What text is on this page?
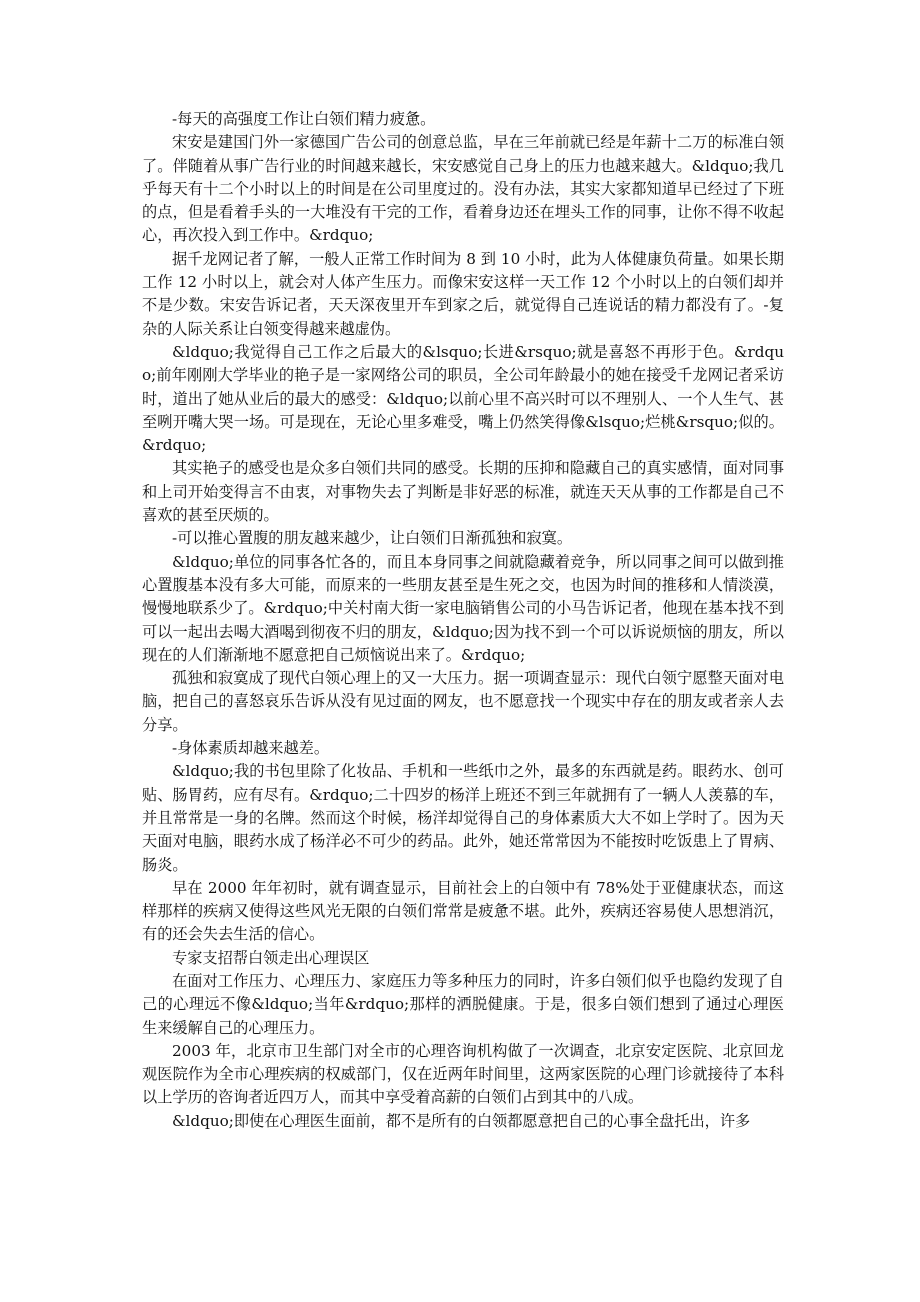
-每天的高强度工作让白领们精力疲惫。

宋安是建国门外一家德国广告公司的创意总监，早在三年前就已经是年薪十二万的标准白领了。伴随着从事广告行业的时间越来越长，宋安感觉自己身上的压力也越来越大。&ldquo;我几乎每天有十二个小时以上的时间是在公司里度过的。没有办法，其实大家都知道早已经过了下班的点，但是看着手头的一大堆没有干完的工作，看着身边还在埋头工作的同事，让你不得不收起心，再次投入到工作中。&rdquo;

据千龙网记者了解，一般人正常工作时间为 8 到 10 小时，此为人体健康负荷量。如果长期工作 12 小时以上，就会对人体产生压力。而像宋安这样一天工作 12 个小时以上的白领们却并不是少数。宋安告诉记者，天天深夜里开车到家之后，就觉得自己连说话的精力都没有了。-复杂的人际关系让白领变得越来越虚伪。

&ldquo;我觉得自己工作之后最大的&lsquo;长进&rsquo;就是喜怒不再形于色。&rdquo;前年刚刚大学毕业的艳子是一家网络公司的职员，全公司年龄最小的她在接受千龙网记者采访时，道出了她从业后的最大的感受：&ldquo;以前心里不高兴时可以不理别人、一个人生气、甚至咧开嘴大哭一场。可是现在，无论心里多难受，嘴上仍然笑得像&lsquo;烂桃&rsquo;似的。&rdquo;

其实艳子的感受也是众多白领们共同的感受。长期的压抑和隐藏自己的真实感情，面对同事和上司开始变得言不由衷，对事物失去了判断是非好恶的标准，就连天天从事的工作都是自己不喜欢的甚至厌烦的。

-可以推心置腹的朋友越来越少，让白领们日渐孤独和寂寞。

&ldquo;单位的同事各忙各的，而且本身同事之间就隐藏着竞争，所以同事之间可以做到推心置腹基本没有多大可能，而原来的一些朋友甚至是生死之交，也因为时间的推移和人情淡漠，慢慢地联系少了。&rdquo;中关村南大街一家电脑销售公司的小马告诉记者，他现在基本找不到可以一起出去喝大酒喝到彻夜不归的朋友，&ldquo;因为找不到一个可以诉说烦恼的朋友，所以现在的人们渐渐地不愿意把自己烦恼说出来了。&rdquo;

孤独和寂寞成了现代白领心理上的又一大压力。据一项调查显示：现代白领宁愿整天面对电脑，把自己的喜怒哀乐告诉从没有见过面的网友，也不愿意找一个现实中存在的朋友或者亲人去分享。

-身体素质却越来越差。

&ldquo;我的书包里除了化妆品、手机和一些纸巾之外，最多的东西就是药。眼药水、创可贴、肠胃药，应有尽有。&rdquo;二十四岁的杨洋上班还不到三年就拥有了一辆人人羡慕的车，并且常常是一身的名牌。然而这个时候，杨洋却觉得自己的身体素质大大不如上学时了。因为天天面对电脑，眼药水成了杨洋必不可少的药品。此外，她还常常因为不能按时吃饭患上了胃病、肠炎。

早在 2000 年年初时，就有调查显示，目前社会上的白领中有 78%处于亚健康状态，而这样那样的疾病又使得这些风光无限的白领们常常是疲惫不堪。此外，疾病还容易使人思想消沉，有的还会失去生活的信心。

专家支招帮白领走出心理误区

在面对工作压力、心理压力、家庭压力等多种压力的同时，许多白领们似乎也隐约发现了自己的心理远不像&ldquo;当年&rdquo;那样的洒脱健康。于是，很多白领们想到了通过心理医生来缓解自己的心理压力。

2003 年，北京市卫生部门对全市的心理咨询机构做了一次调查，北京安定医院、北京回龙观医院作为全市心理疾病的权威部门，仅在近两年时间里，这两家医院的心理门诊就接待了本科以上学历的咨询者近四万人，而其中享受着高薪的白领们占到其中的八成。

&ldquo;即使在心理医生面前，都不是所有的白领都愿意把自己的心事全盘托出，许多
